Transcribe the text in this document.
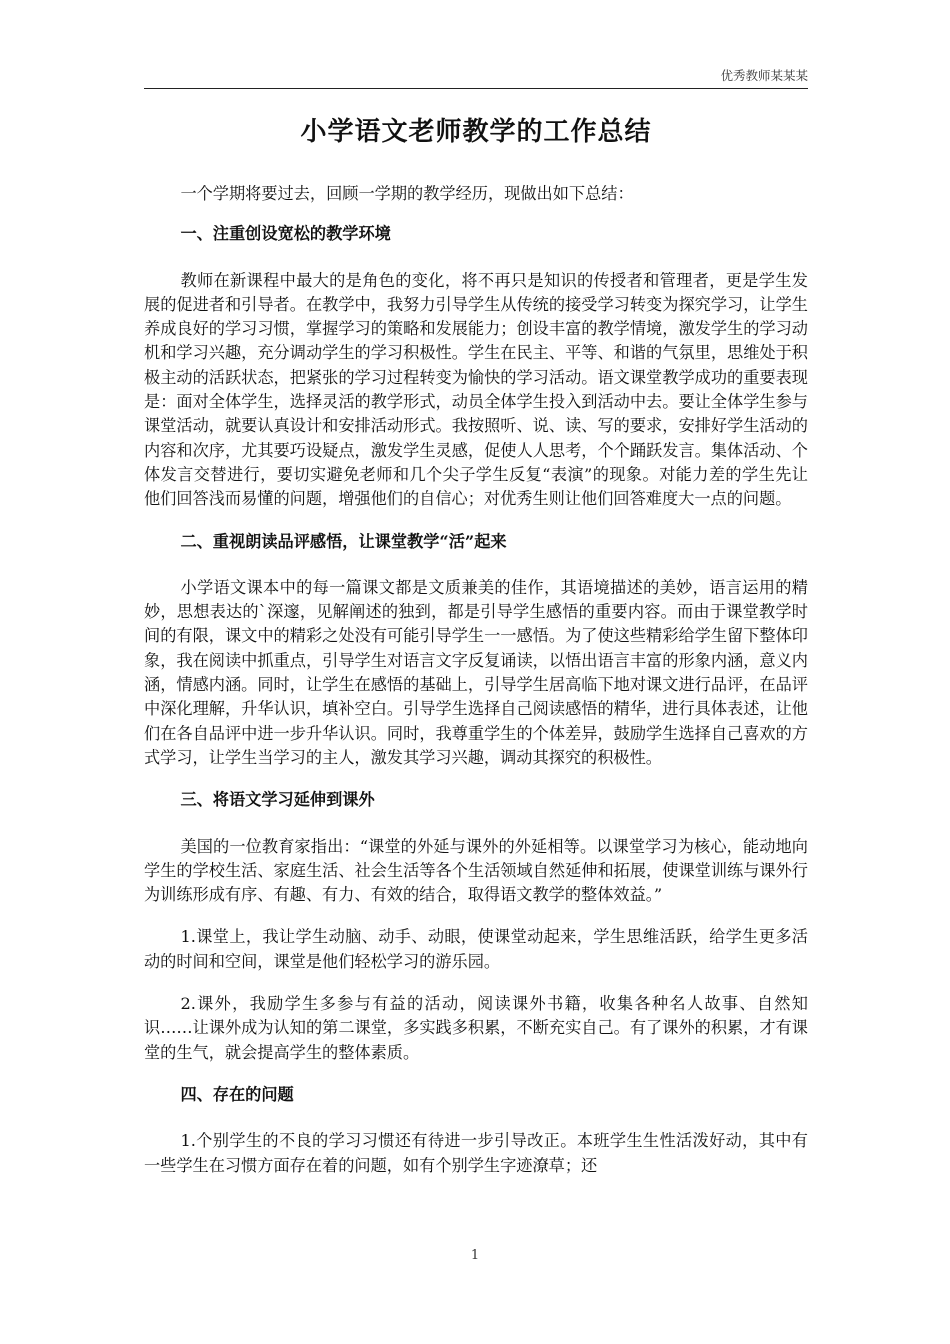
优秀教师某某某
小学语文老师教学的工作总结

一个学期将要过去，回顾一学期的教学经历，现做出如下总结：

一、注重创设宽松的教学环境

教师在新课程中最大的是角色的变化，将不再只是知识的传授者和管理者，更是学生发展的促进者和引导者。在教学中，我努力引导学生从传统的接受学习转变为探究学习，让学生养成良好的学习习惯，掌握学习的策略和发展能力；创设丰富的教学情境，激发学生的学习动机和学习兴趣，充分调动学生的学习积极性。学生在民主、平等、和谐的气氛里，思维处于积极主动的活跃状态，把紧张的学习过程转变为愉快的学习活动。语文课堂教学成功的重要表现是：面对全体学生，选择灵活的教学形式，动员全体学生投入到活动中去。要让全体学生参与课堂活动，就要认真设计和安排活动形式。我按照听、说、读、写的要求，安排好学生活动的内容和次序，尤其要巧设疑点，激发学生灵感，促使人人思考，个个踊跃发言。集体活动、个体发言交替进行，要切实避免老师和几个尖子学生反复“表演”的现象。对能力差的学生先让他们回答浅而易懂的问题，增强他们的自信心；对优秀生则让他们回答难度大一点的问题。

二、重视朗读品评感悟，让课堂教学“活”起来

小学语文课本中的每一篇课文都是文质兼美的佳作，其语境描述的美妙，语言运用的精妙，思想表达的`深邃，见解阐述的独到，都是引导学生感悟的重要内容。而由于课堂教学时间的有限，课文中的精彩之处没有可能引导学生一一感悟。为了使这些精彩给学生留下整体印象，我在阅读中抓重点，引导学生对语言文字反复诵读，以悟出语言丰富的形象内涵，意义内涵，情感内涵。同时，让学生在感悟的基础上，引导学生居高临下地对课文进行品评，在品评中深化理解，升华认识，填补空白。引导学生选择自己阅读感悟的精华，进行具体表述，让他们在各自品评中进一步升华认识。同时，我尊重学生的个体差异，鼓励学生选择自己喜欢的方式学习，让学生当学习的主人，激发其学习兴趣，调动其探究的积极性。

三、将语文学习延伸到课外

美国的一位教育家指出：“课堂的外延与课外的外延相等。以课堂学习为核心，能动地向学生的学校生活、家庭生活、社会生活等各个生活领域自然延伸和拓展，使课堂训练与课外行为训练形成有序、有趣、有力、有效的结合，取得语文教学的整体效益。”

1.课堂上，我让学生动脑、动手、动眼，使课堂动起来，学生思维活跃，给学生更多活动的时间和空间，课堂是他们轻松学习的游乐园。

2.课外，我励学生多参与有益的活动，阅读课外书籍，收集各种名人故事、自然知识……让课外成为认知的第二课堂，多实践多积累，不断充实自己。有了课外的积累，才有课堂的生气，就会提高学生的整体素质。

四、存在的问题

1.个别学生的不良的学习习惯还有待进一步引导改正。本班学生生性活泼好动，其中有一些学生在习惯方面存在着的问题，如有个别学生字迹潦草；还

1
